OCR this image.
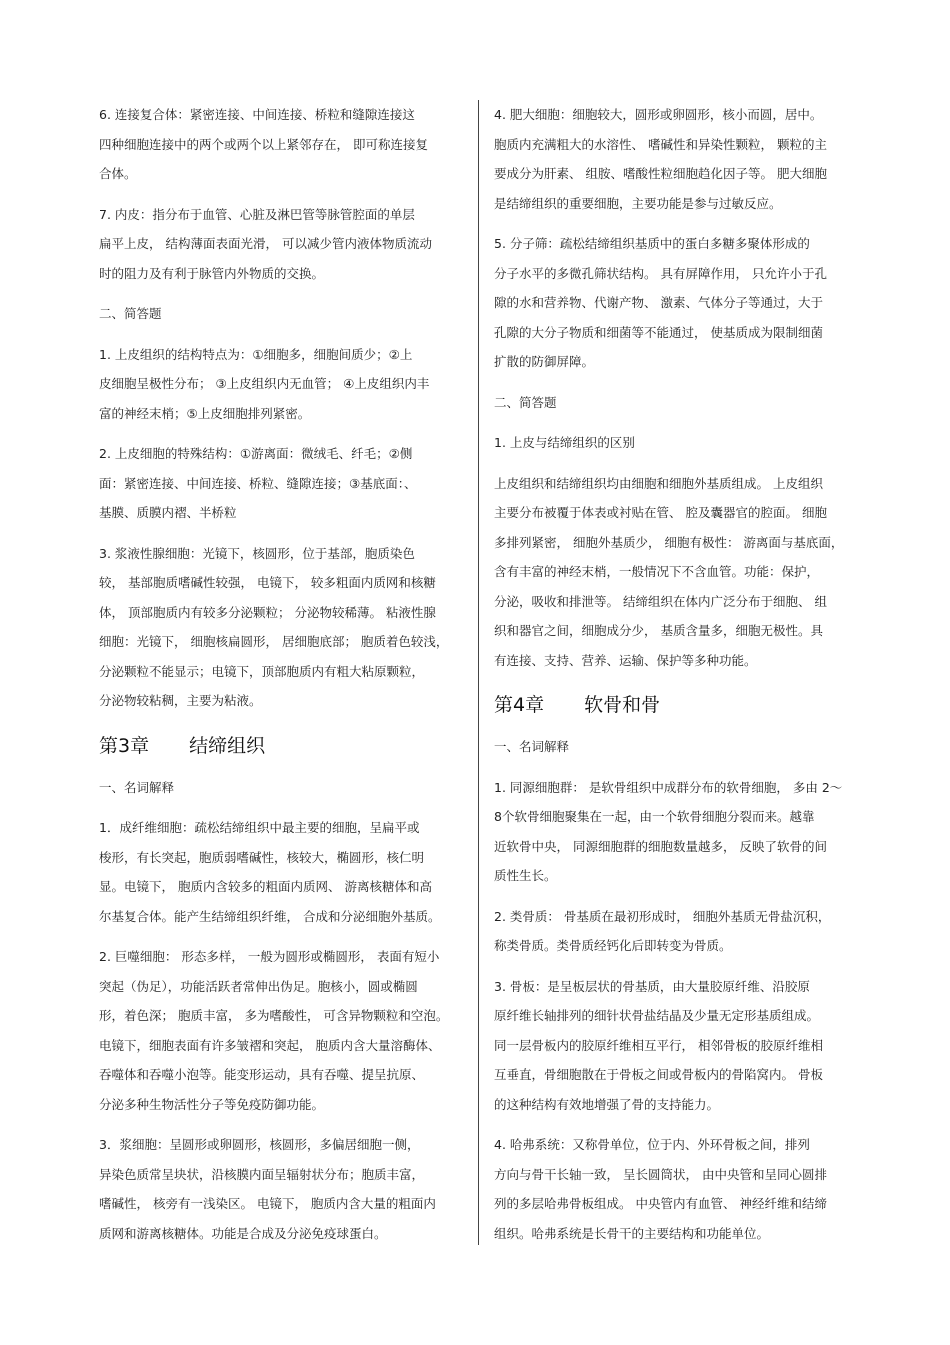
6. 连接复合体：紧密连接、中间连接、桥粒和缝隙连接这
四种细胞连接中的两个或两个以上紧邻存在， 即可称连接复
合体。

7. 内皮：指分布于血管、心脏及淋巴管等脉管腔面的单层
扁平上皮， 结构薄面表面光滑， 可以减少管内液体物质流动
时的阻力及有利于脉管内外物质的交换。

二、简答题

1. 上皮组织的结构特点为：①细胞多，细胞间质少；②上
皮细胞呈极性分布； ③上皮组织内无血管； ④上皮组织内丰
富的神经末梢；⑤上皮细胞排列紧密。

2. 上皮细胞的特殊结构：①游离面：微绒毛、纤毛；②侧
面：紧密连接、中间连接、桥粒、缝隙连接；③基底面：、
基膜、质膜内褶、半桥粒

3. 浆液性腺细胞：光镜下，核圆形，位于基部，胞质染色
较， 基部胞质嗜碱性较强， 电镜下， 较多粗面内质网和核糖
体， 顶部胞质内有较多分泌颗粒； 分泌物较稀薄。 粘液性腺
细胞：光镜下， 细胞核扁圆形， 居细胞底部； 胞质着色较浅，
分泌颗粒不能显示；电镜下，顶部胞质内有粗大粘原颗粒，
分泌物较粘稠，主要为粘液。

第3章 结缔组织

一、名词解释

1．成纤维细胞：疏松结缔组织中最主要的细胞，呈扁平或
梭形，有长突起，胞质弱嗜碱性，核较大，椭圆形，核仁明
显。电镜下， 胞质内含较多的粗面内质网、 游离核糖体和高
尔基复合体。能产生结缔组织纤维， 合成和分泌细胞外基质。

2. 巨噬细胞： 形态多样， 一般为圆形或椭圆形， 表面有短小
突起（伪足），功能活跃者常伸出伪足。胞核小，圆或椭圆
形，着色深； 胞质丰富， 多为嗜酸性， 可含异物颗粒和空泡。
电镜下，细胞表面有许多皱褶和突起， 胞质内含大量溶酶体、
吞噬体和吞噬小泡等。能变形运动，具有吞噬、提呈抗原、
分泌多种生物活性分子等免疫防御功能。

3．浆细胞：呈圆形或卵圆形，核圆形，多偏居细胞一侧，
异染色质常呈块状，沿核膜内面呈辐射状分布；胞质丰富，
嗜碱性， 核旁有一浅染区。 电镜下， 胞质内含大量的粗面内
质网和游离核糖体。功能是合成及分泌免疫球蛋白。

4. 肥大细胞：细胞较大，圆形或卵圆形，核小而圆，居中。
胞质内充满粗大的水溶性、 嗜碱性和异染性颗粒， 颗粒的主
要成分为肝素、 组胺、嗜酸性粒细胞趋化因子等。 肥大细胞
是结缔组织的重要细胞，主要功能是参与过敏反应。

5. 分子筛：疏松结缔组织基质中的蛋白多糖多聚体形成的
分子水平的多微孔筛状结构。 具有屏障作用， 只允许小于孔
隙的水和营养物、代谢产物、 激素、气体分子等通过，大于
孔隙的大分子物质和细菌等不能通过， 使基质成为限制细菌
扩散的防御屏障。

二、简答题

1. 上皮与结缔组织的区别

上皮组织和结缔组织均由细胞和细胞外基质组成。 上皮组织
主要分布被覆于体表或衬贴在管、 腔及囊器官的腔面。 细胞
多排列紧密， 细胞外基质少， 细胞有极性： 游离面与基底面，
含有丰富的神经末梢，一般情况下不含血管。功能：保护，
分泌，吸收和排泄等。 结缔组织在体内广泛分布于细胞、 组
织和器官之间，细胞成分少， 基质含量多，细胞无极性。具
有连接、支持、营养、运输、保护等多种功能。

第4章 软骨和骨

一、名词解释

1. 同源细胞群： 是软骨组织中成群分布的软骨细胞， 多由 2～
8个软骨细胞聚集在一起，由一个软骨细胞分裂而来。越靠
近软骨中央， 同源细胞群的细胞数量越多， 反映了软骨的间
质性生长。

2. 类骨质： 骨基质在最初形成时， 细胞外基质无骨盐沉积，
称类骨质。类骨质经钙化后即转变为骨质。

3. 骨板：是呈板层状的骨基质，由大量胶原纤维、沿胶原
原纤维长轴排列的细针状骨盐结晶及少量无定形基质组成。
同一层骨板内的胶原纤维相互平行， 相邻骨板的胶原纤维相
互垂直，骨细胞散在于骨板之间或骨板内的骨陷窝内。 骨板
的这种结构有效地增强了骨的支持能力。

4. 哈弗系统：又称骨单位，位于内、外环骨板之间，排列
方向与骨干长轴一致， 呈长圆筒状， 由中央管和呈同心圆排
列的多层哈弗骨板组成。 中央管内有血管、 神经纤维和结缔
组织。哈弗系统是长骨干的主要结构和功能单位。
